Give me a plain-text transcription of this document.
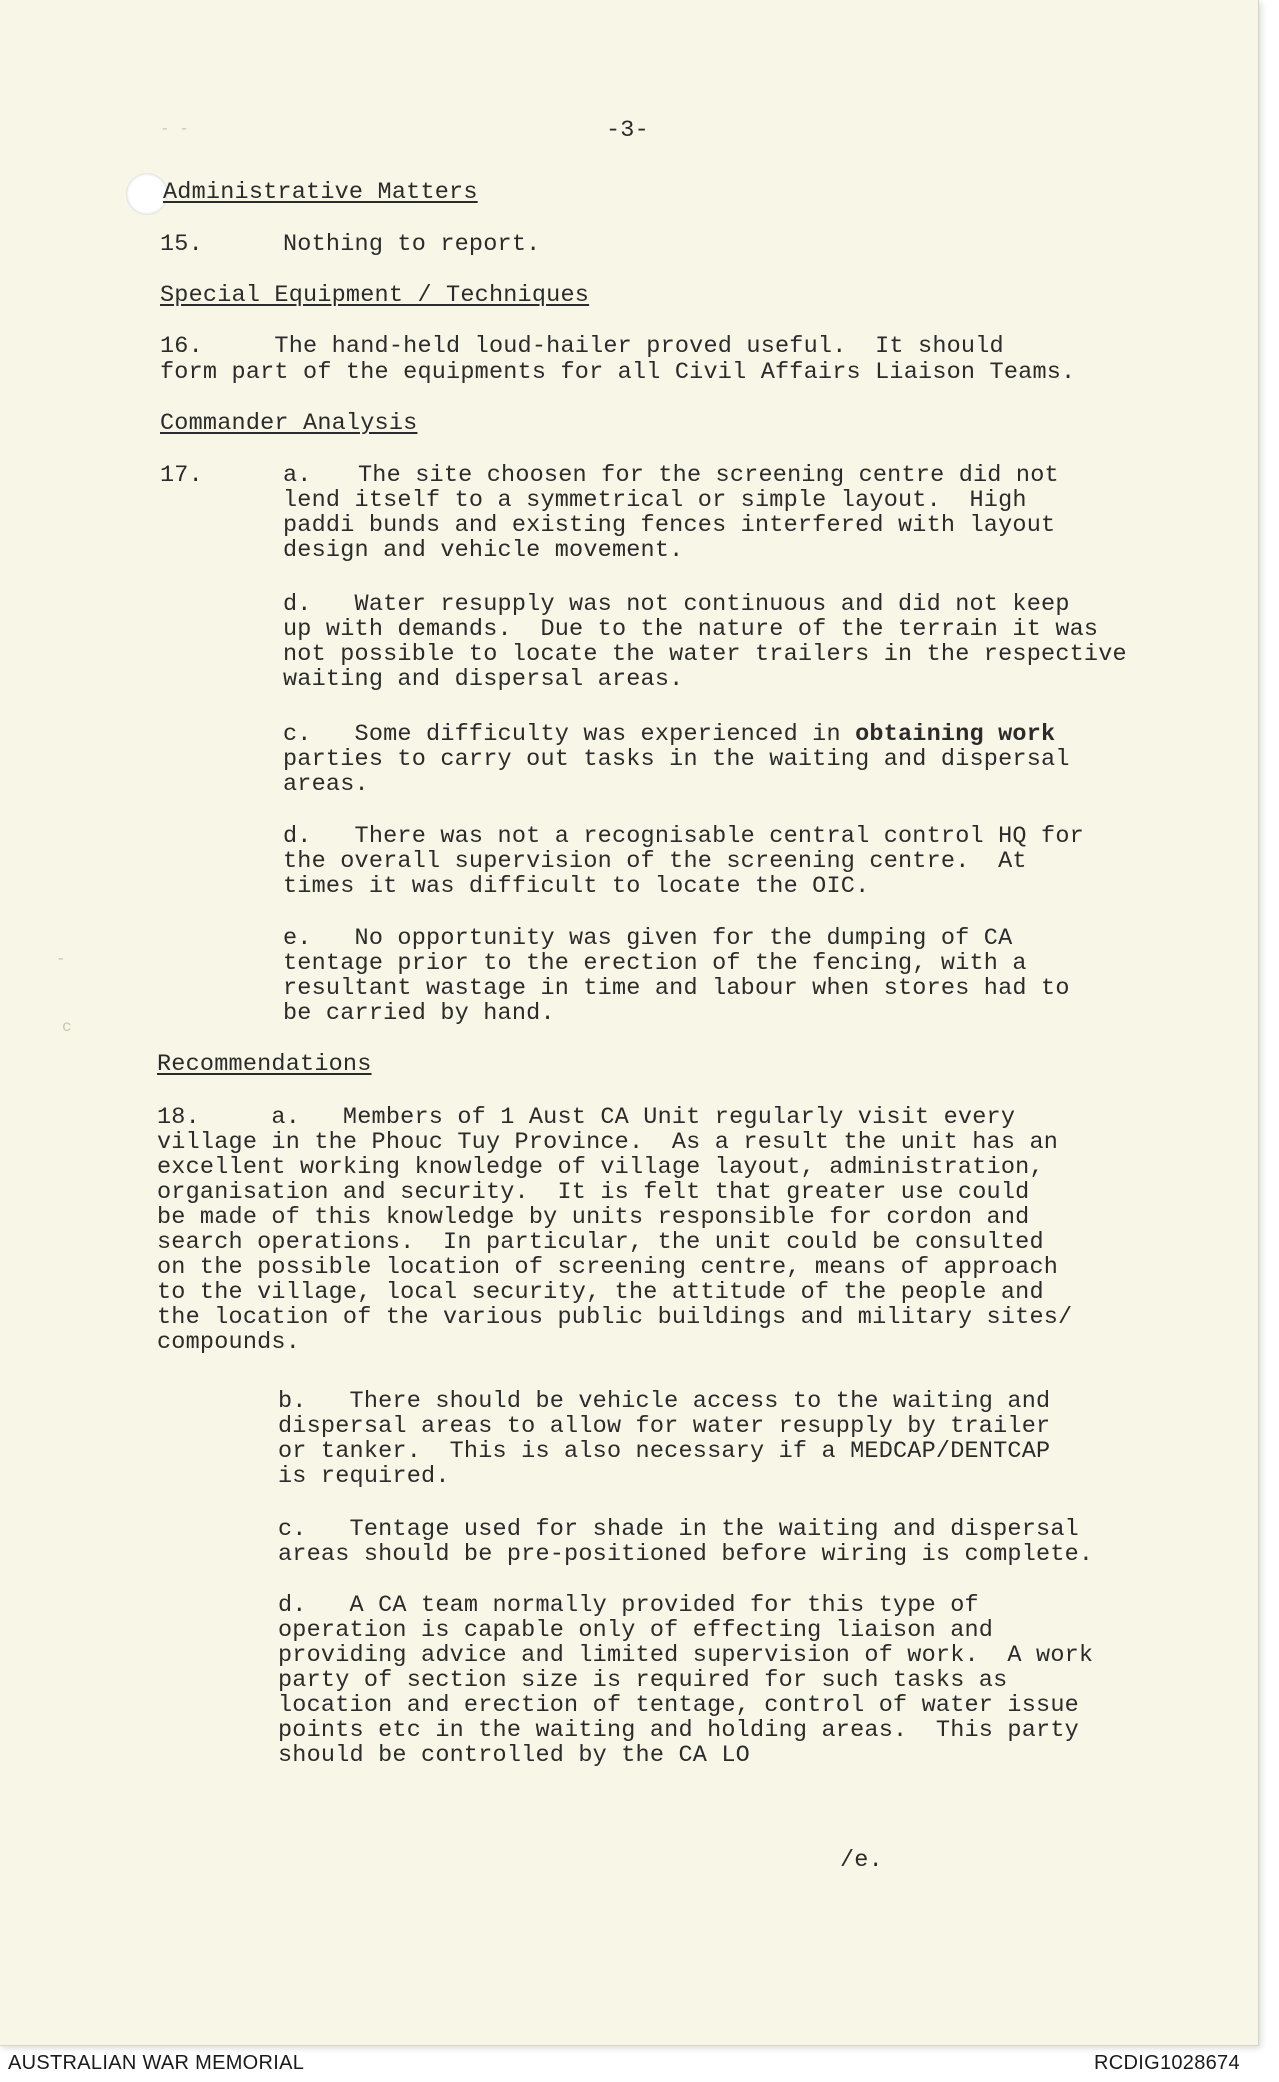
- -
-
c

-3-

Administrative Matters

15.	Nothing to report.

Special Equipment / Techniques

16.     The hand-held loud-hailer proved useful.  It should

form part of the equipments for all Civil Affairs Liaison Teams.

Commander Analysis

17.	a. The site choosen for the screening centre did not

lend itself to a symmetrical or simple layout.  High
paddi bunds and existing fences interfered with layout
design and vehicle movement.

d.   Water resupply was not continuous and did not keep
up with demands.  Due to the nature of the terrain it was
not possible to locate the water trailers in the respective
waiting and dispersal areas.

c.   Some difficulty was experienced in obtaining work

parties to carry out tasks in the waiting and dispersal
areas.

d.   There was not a recognisable central control HQ for
the overall supervision of the screening centre.  At
times it was difficult to locate the OIC.

e.   No opportunity was given for the dumping of CA
tentage prior to the erection of the fencing, with a
resultant wastage in time and labour when stores had to
be carried by hand.

Recommendations

18.     a.   Members of 1 Aust CA Unit regularly visit every
village in the Phouc Tuy Province.  As a result the unit has an
excellent working knowledge of village layout, administration,
organisation and security.  It is felt that greater use could
be made of this knowledge by units responsible for cordon and
search operations.  In particular, the unit could be consulted
on the possible location of screening centre, means of approach
to the village, local security, the attitude of the people and
the location of the various public buildings and military sites/
compounds.

b.   There should be vehicle access to the waiting and
dispersal areas to allow for water resupply by trailer
or tanker.  This is also necessary if a MEDCAP/DENTCAP
is required.

c.   Tentage used for shade in the waiting and dispersal
areas should be pre-positioned before wiring is complete.

d.   A CA team normally provided for this type of
operation is capable only of effecting liaison and
providing advice and limited supervision of work.  A work
party of section size is required for such tasks as
location and erection of tentage, control of water issue
points etc in the waiting and holding areas.  This party
should be controlled by the CA LO

/e.

AUSTRALIAN WAR MEMORIAL	RCDIG1028674
